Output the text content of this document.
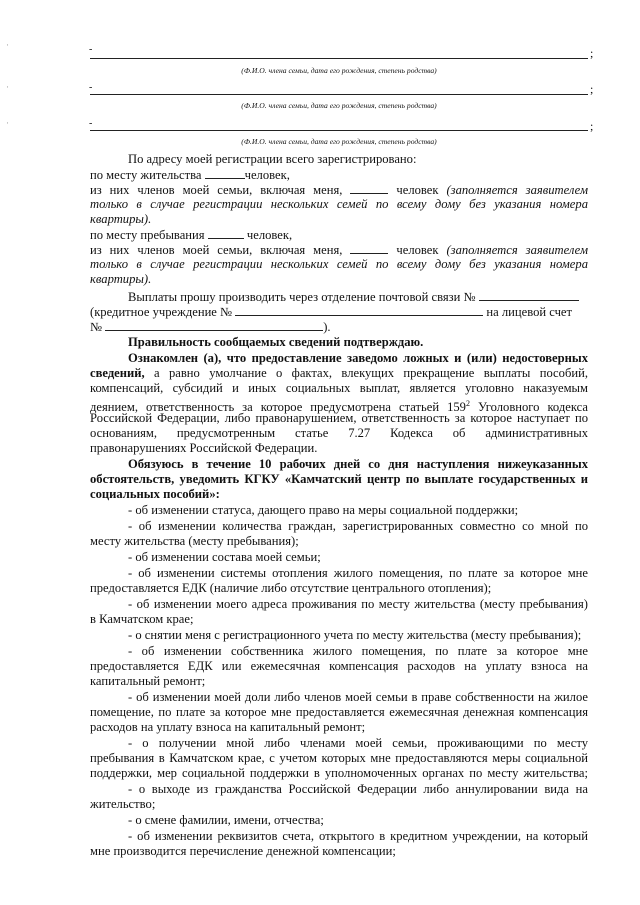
·
·
·
‐	;
(Ф.И.О. члена семьи, дата его рождения, степень родства)
‐	;
(Ф.И.О. члена семьи, дата его рождения, степень родства)
‐	;
(Ф.И.О. члена семьи, дата его рождения, степень родства)
По адресу моей регистрации всего зарегистрировано:
по месту жительства	человек,
из них членов моей семьи, включая меня,	человек (заполняется заявителем
только в случае регистрации нескольких семей по всему дому без указания номера
квартиры).
по месту пребывания	человек,
из них членов моей семьи, включая меня,	человек (заполняется заявителем
только в случае регистрации нескольких семей по всему дому без указания номера
квартиры).
Выплаты прошу производить через отделение почтовой связи №
(кредитное учреждение №	на лицевой счет
№	).
Правильность сообщаемых сведений подтверждаю.
Ознакомлен (а), что предоставление заведомо ложных и (или) недостоверных
сведений, а равно умолчание о фактах, влекущих прекращение выплаты пособий,
компенсаций, субсидий и иных социальных выплат, является уголовно наказуемым
деянием, ответственность за которое предусмотрена статьей $159^2$ Уголовного кодекса
Российской Федерации, либо правонарушением, ответственность за которое наступает по
основаниям, предусмотренным статье 7.27 Кодекса об административных
правонарушениях Российской Федерации.
Обязуюсь в течение 10 рабочих дней со дня наступления нижеуказанных
обстоятельств, уведомить КГКУ «Камчатский центр по выплате государственных и
социальных пособий»:
- об изменении статуса, дающего право на меры социальной поддержки;
- об изменении количества граждан, зарегистрированных совместно со мной по
месту жительства (месту пребывания);
- об изменении состава моей семьи;
- об изменении системы отопления жилого помещения, по плате за которое мне
предоставляется ЕДК (наличие либо отсутствие центрального отопления);
- об изменении моего адреса проживания по месту жительства (месту пребывания)
в Камчатском крае;
- о снятии меня с регистрационного учета по месту жительства (месту пребывания);
- об изменении собственника жилого помещения, по плате за которое мне
предоставляется ЕДК или ежемесячная компенсация расходов на уплату взноса на
капитальный ремонт;
- об изменении моей доли либо членов моей семьи в праве собственности на жилое
помещение, по плате за которое мне предоставляется ежемесячная денежная компенсация
расходов на уплату взноса на капитальный ремонт;
- о получении мной либо членами моей семьи, проживающими по месту
пребывания в Камчатском крае, с учетом которых мне предоставляются меры социальной
поддержки, мер социальной поддержки в уполномоченных органах по месту жительства;
- о выходе из гражданства Российской Федерации либо аннулировании вида на
жительство;
- о смене фамилии, имени, отчества;
- об изменении реквизитов счета, открытого в кредитном учреждении, на который
мне производится перечисление денежной компенсации;
